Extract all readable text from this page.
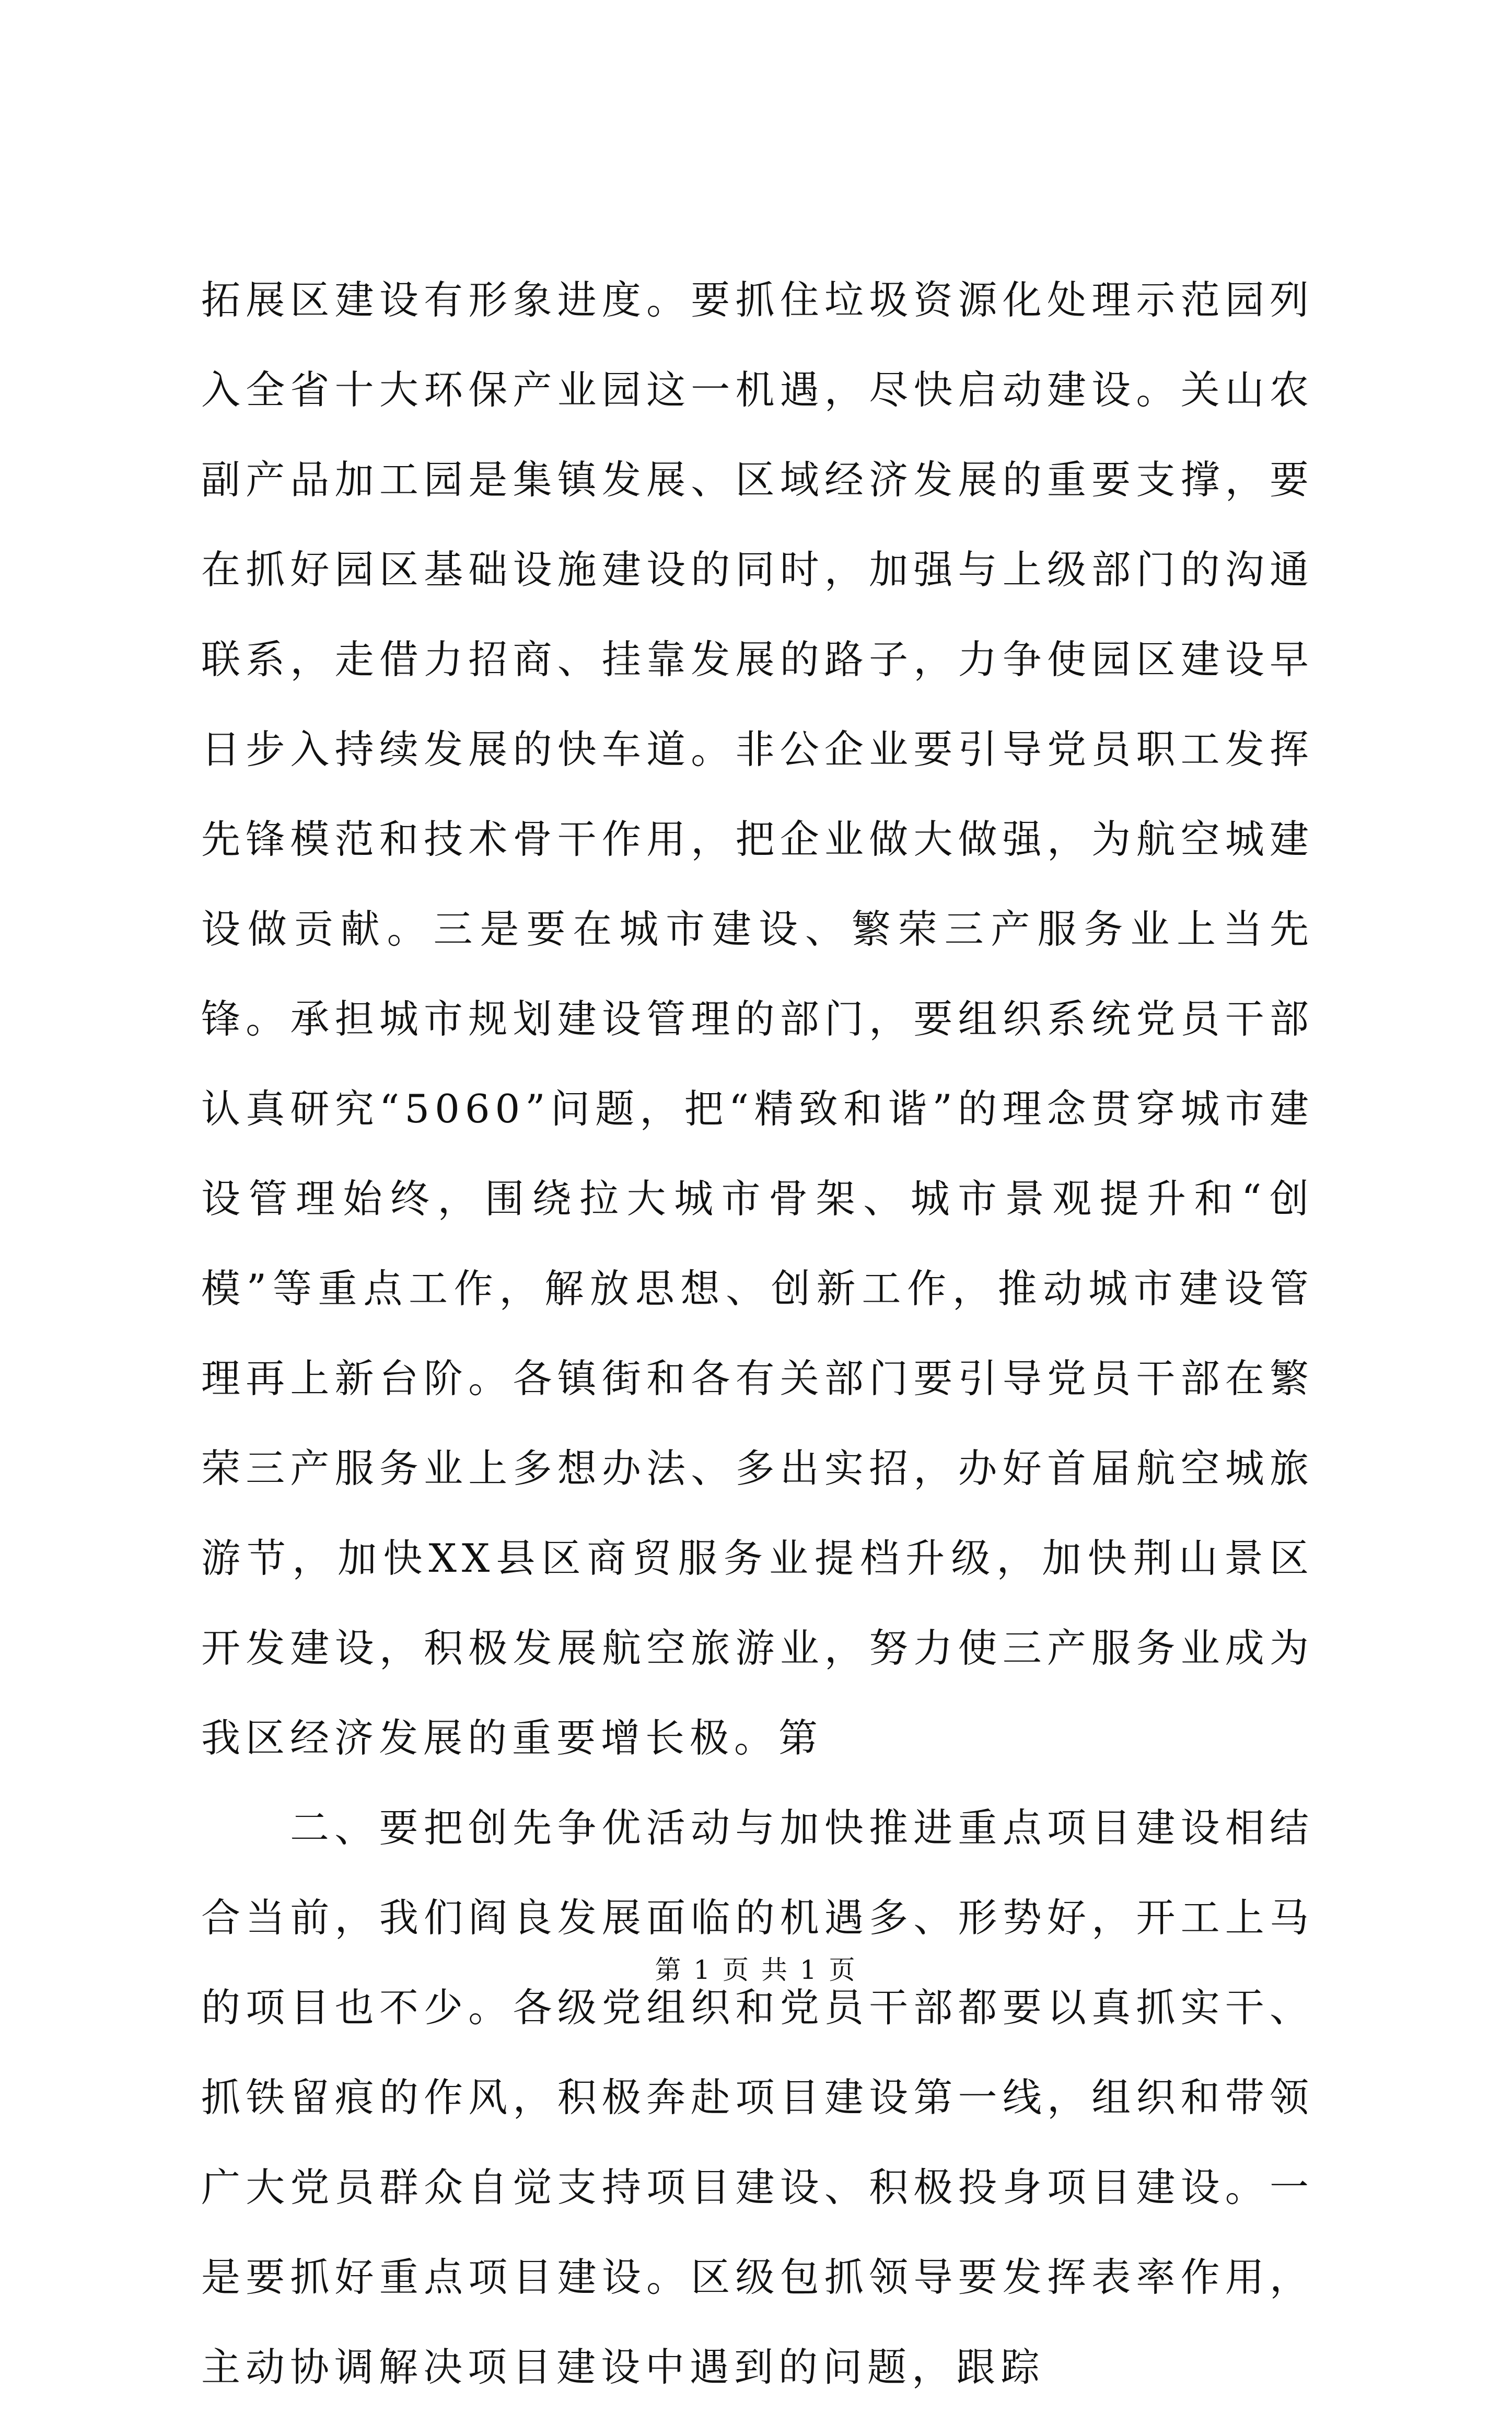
拓展区建设有形象进度。要抓住垃圾资源化处理示范园列入全省十大环保产业园这一机遇，尽快启动建设。关山农副产品加工园是集镇发展、区域经济发展的重要支撑，要在抓好园区基础设施建设的同时，加强与上级部门的沟通联系，走借力招商、挂靠发展的路子，力争使园区建设早日步入持续发展的快车道。非公企业要引导党员职工发挥先锋模范和技术骨干作用，把企业做大做强，为航空城建设做贡献。三是要在城市建设、繁荣三产服务业上当先锋。承担城市规划建设管理的部门，要组织系统党员干部认真研究“5060”问题，把“精致和谐”的理念贯穿城市建设管理始终，围绕拉大城市骨架、城市景观提升和“创模”等重点工作，解放思想、创新工作，推动城市建设管理再上新台阶。各镇街和各有关部门要引导党员干部在繁荣三产服务业上多想办法、多出实招，办好首届航空城旅游节，加快XX县区商贸服务业提档升级，加快荆山景区开发建设，积极发展航空旅游业，努力使三产服务业成为我区经济发展的重要增长极。第

二、要把创先争优活动与加快推进重点项目建设相结合当前，我们阎良发展面临的机遇多、形势好，开工上马的项目也不少。各级党组织和党员干部都要以真抓实干、抓铁留痕的作风，积极奔赴项目建设第一线，组织和带领广大党员群众自觉支持项目建设、积极投身项目建设。一是要抓好重点项目建设。区级包抓领导要发挥表率作用，主动协调解决项目建设中遇到的问题，跟踪

第 1 页 共 1 页
